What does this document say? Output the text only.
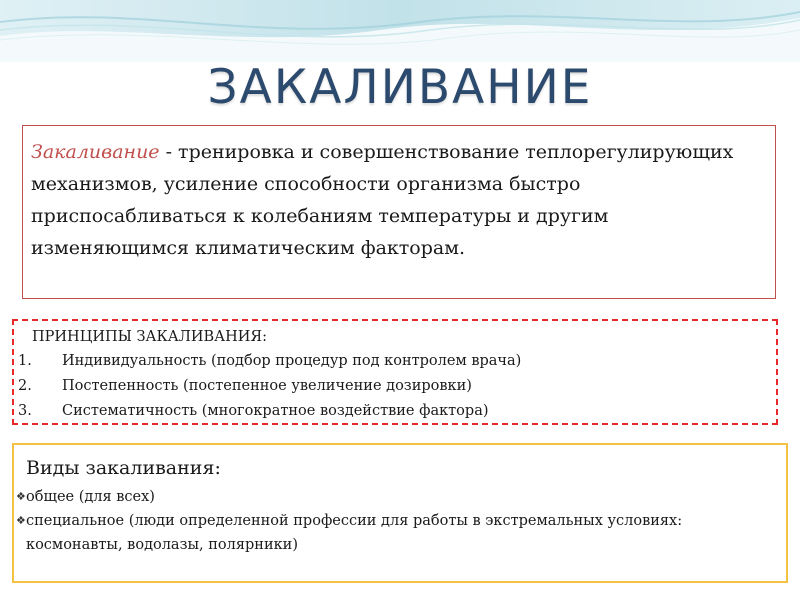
ЗАКАЛИВАНИЕ
Закаливание - тренировка и совершенствование теплорегулирующих механизмов, усиление способности организма быстро приспосабливаться к колебаниям температуры и другим изменяющимся климатическим факторам.
ПРИНЦИПЫ ЗАКАЛИВАНИЯ:
1.	Индивидуальность (подбор процедур под контролем врача)
2.	Постепенность (постепенное увеличение дозировки)
3.	Систематичность (многократное воздействие фактора)
Виды закаливания:
❖ общее (для всех)
❖ специальное (люди определенной профессии для работы в экстремальных условиях: космонавты, водолазы, полярники)
